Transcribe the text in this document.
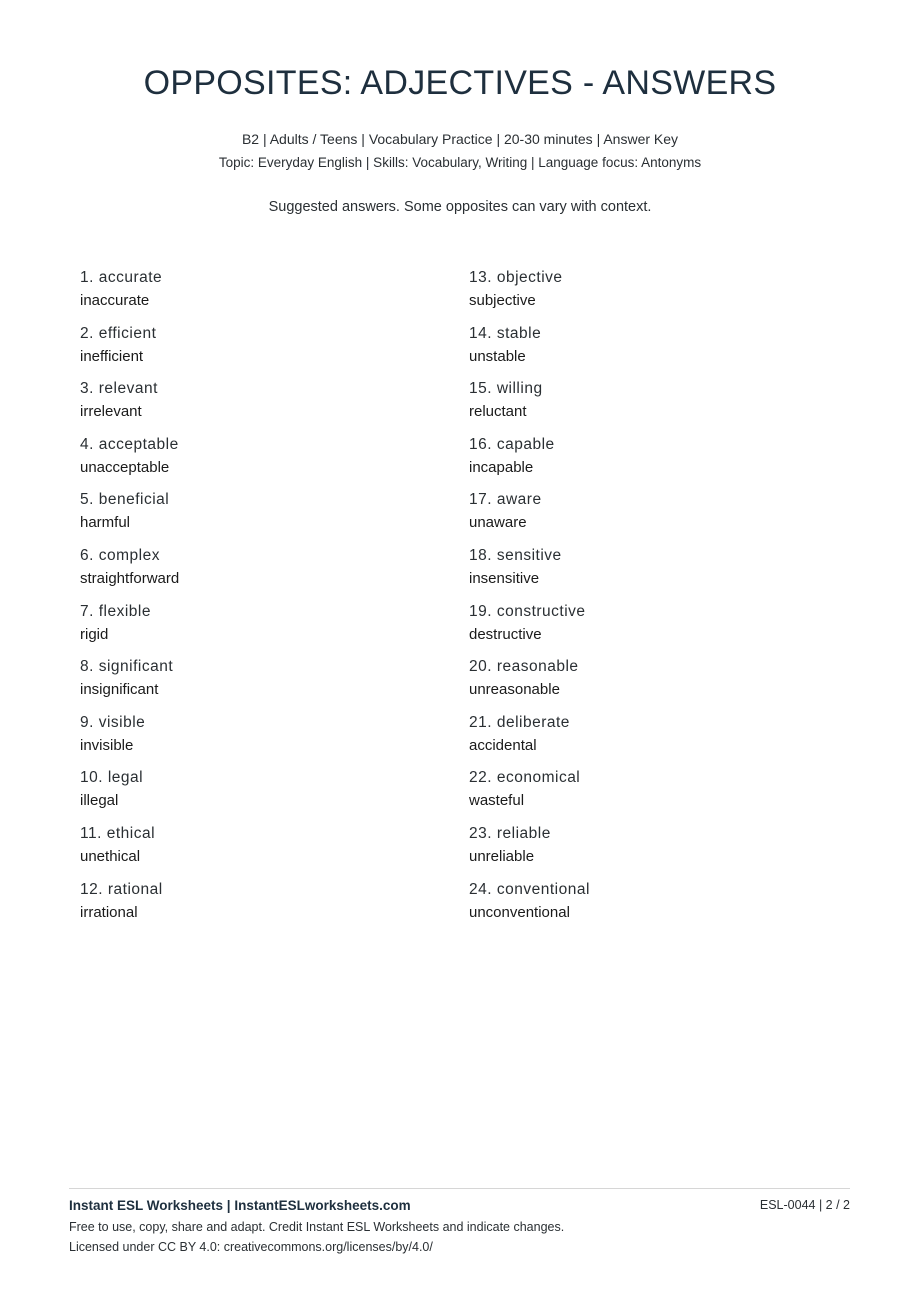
OPPOSITES: ADJECTIVES - ANSWERS
B2 | Adults / Teens | Vocabulary Practice | 20-30 minutes | Answer Key
Topic: Everyday English | Skills: Vocabulary, Writing | Language focus: Antonyms
Suggested answers. Some opposites can vary with context.
1. accurate
inaccurate
2. efficient
inefficient
3. relevant
irrelevant
4. acceptable
unacceptable
5. beneficial
harmful
6. complex
straightforward
7. flexible
rigid
8. significant
insignificant
9. visible
invisible
10. legal
illegal
11. ethical
unethical
12. rational
irrational
13. objective
subjective
14. stable
unstable
15. willing
reluctant
16. capable
incapable
17. aware
unaware
18. sensitive
insensitive
19. constructive
destructive
20. reasonable
unreasonable
21. deliberate
accidental
22. economical
wasteful
23. reliable
unreliable
24. conventional
unconventional
Instant ESL Worksheets | InstantESLworksheets.com	ESL-0044 | 2 / 2
Free to use, copy, share and adapt. Credit Instant ESL Worksheets and indicate changes.
Licensed under CC BY 4.0: creativecommons.org/licenses/by/4.0/
